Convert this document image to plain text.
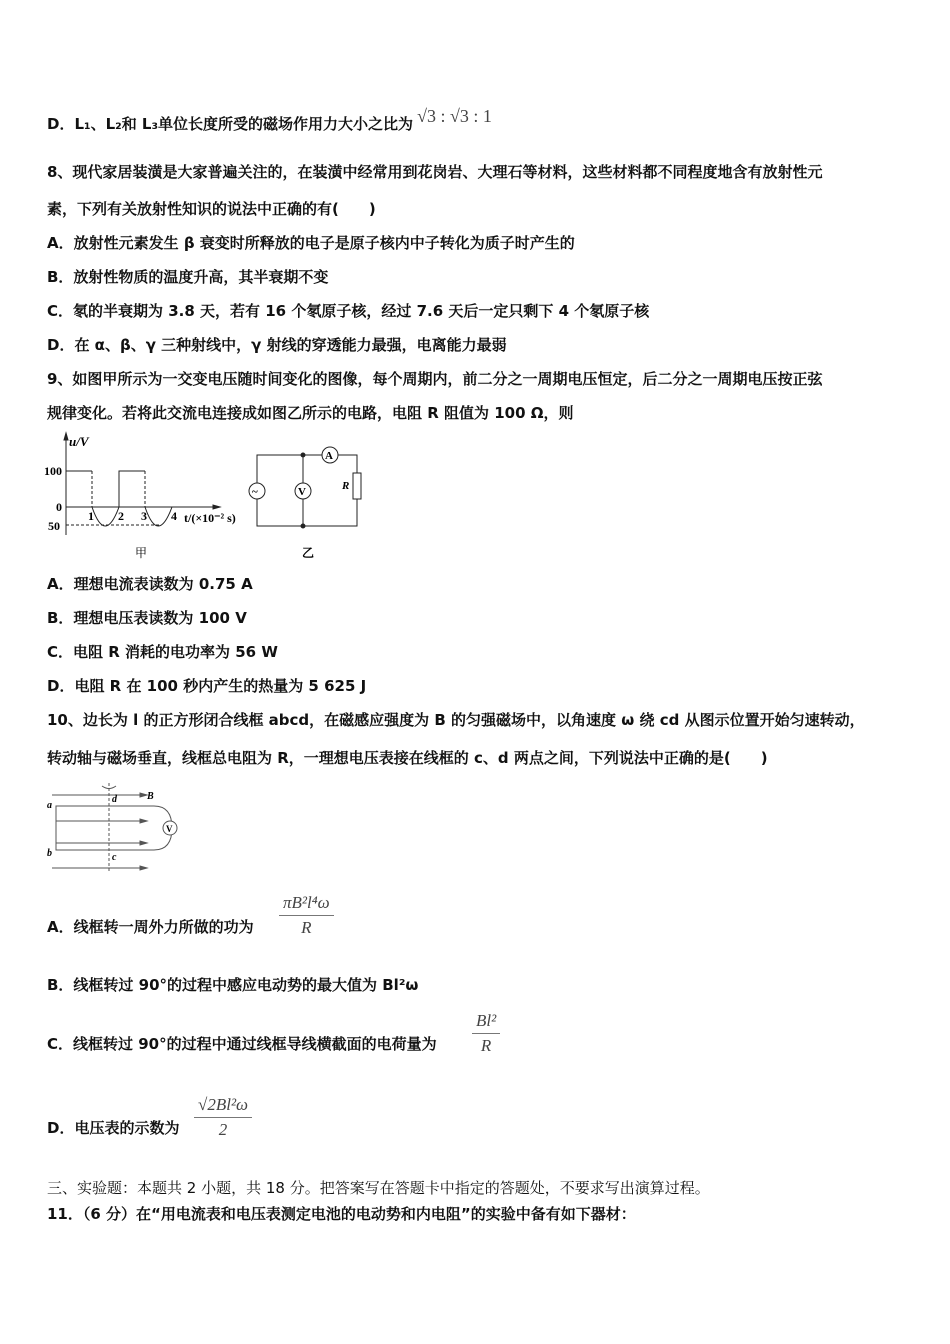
D．L₁、L₂和 L₃单位长度所受的磁场作用力大小之比为 √3 : √3 : 1
8、现代家居装潢是大家普遍关注的，在装潢中经常用到花岗岩、大理石等材料，这些材料都不同程度地含有放射性元
素，下列有关放射性知识的说法中正确的有(　　)
A．放射性元素发生 β 衰变时所释放的电子是原子核内中子转化为质子时产生的
B．放射性物质的温度升高，其半衰期不变
C．氡的半衰期为 3.8 天，若有 16 个氡原子核，经过 7.6 天后一定只剩下 4 个氡原子核
D．在 α、β、γ 三种射线中，γ 射线的穿透能力最强，电离能力最弱
9、如图甲所示为一交变电压随时间变化的图像，每个周期内，前二分之一周期电压恒定，后二分之一周期电压按正弦
规律变化。若将此交流电连接成如图乙所示的电路，电阻 R 阻值为 100 Ω，则
u/V
100
0
50
1 2 3 4 t/(×10⁻² s)
甲
~	V
A
R
乙
A．理想电流表读数为 0.75 A
B．理想电压表读数为 100 V
C．电阻 R 消耗的电功率为 56 W
D．电阻 R 在 100 秒内产生的热量为 5 625 J
10、边长为 l 的正方形闭合线框 abcd，在磁感应强度为 B 的匀强磁场中，以角速度 ω 绕 cd 从图示位置开始匀速转动，
转动轴与磁场垂直，线框总电阻为 R，一理想电压表接在线框的 c、d 两点之间，下列说法中正确的是(　　)
a
b	c
d	B
V
A．线框转一周外力所做的功为 $\frac{\text{πB²l⁴ω}}{R}$
B．线框转过 90°的过程中感应电动势的最大值为 Bl²ω
C．线框转过 90°的过程中通过线框导线横截面的电荷量为 $\frac{\text{Bl²}}{R}$
D．电压表的示数为 $\frac{\text{√2Bl²ω}}{2}$
三、实验题：本题共 2 小题，共 18 分。把答案写在答题卡中指定的答题处，不要求写出演算过程。
11．（6 分）在“用电流表和电压表测定电池的电动势和内电阻”的实验中备有如下器材：
